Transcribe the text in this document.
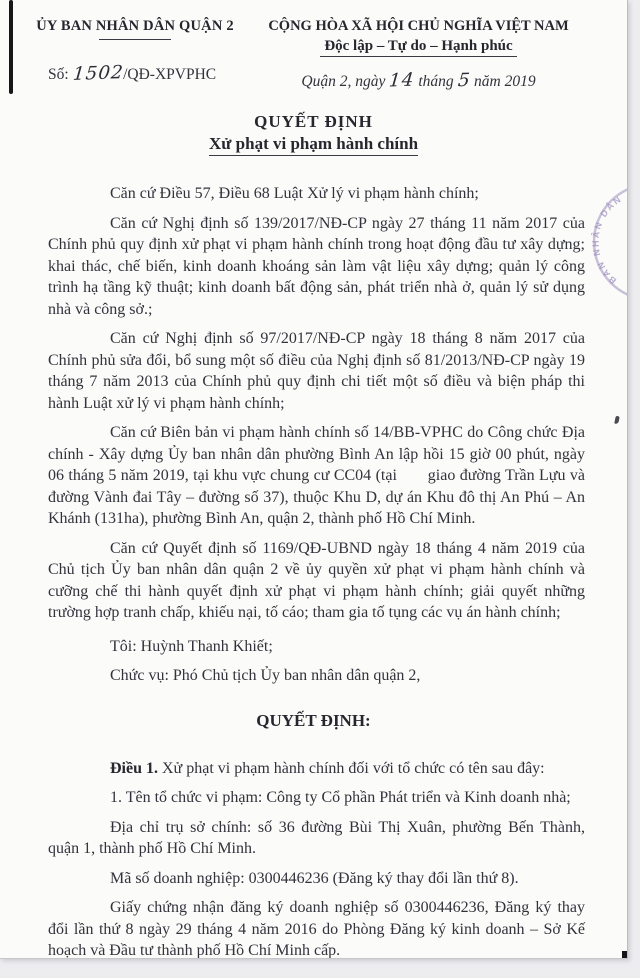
BAN NHÂN DÂN
ỦY BAN NHÂN DÂN QUẬN 2
Số: 1502/QĐ-XPVPHC
CỘNG HÒA XÃ HỘI CHỦ NGHĨA VIỆT NAM
Độc lập – Tự do – Hạnh phúc
Quận 2, ngày 14 tháng 5 năm 2019
QUYẾT ĐỊNH
Xử phạt vi phạm hành chính

Căn cứ Điều 57, Điều 68 Luật Xử lý vi phạm hành chính;

Căn cứ Nghị định số 139/2017/NĐ-CP ngày 27 tháng 11 năm 2017 của Chính phủ quy định xử phạt vi phạm hành chính trong hoạt động đầu tư xây dựng; khai thác, chế biến, kinh doanh khoáng sản làm vật liệu xây dựng; quản lý công trình hạ tầng kỹ thuật; kinh doanh bất động sản, phát triển nhà ở, quản lý sử dụng nhà và công sở.;

Căn cứ Nghị định số 97/2017/NĐ-CP ngày 18 tháng 8 năm 2017 của Chính phủ sửa đổi, bổ sung một số điều của Nghị định số 81/2013/NĐ-CP ngày 19 tháng 7 năm 2013 của Chính phủ quy định chi tiết một số điều và biện pháp thi hành Luật xử lý vi phạm hành chính;

Căn cứ Biên bản vi phạm hành chính số 14/BB-VPHC do Công chức Địa chính - Xây dựng Ủy ban nhân dân phường Bình An lập hồi 15 giờ 00 phút, ngày 06 tháng 5 năm 2019, tại khu vực chung cư CC04 (tại       giao đường Trần Lựu và đường Vành đai Tây – đường số 37), thuộc Khu D, dự án Khu đô thị An Phú – An Khánh (131ha), phường Bình An, quận 2, thành phố Hồ Chí Minh.

Căn cứ Quyết định số 1169/QĐ-UBND ngày 18 tháng 4 năm 2019 của Chủ tịch Ủy ban nhân dân quận 2 về ủy quyền xử phạt vi phạm hành chính và cưỡng chế thi hành quyết định xử phạt vi phạm hành chính; giải quyết những trường hợp tranh chấp, khiếu nại, tố cáo; tham gia tố tụng các vụ án hành chính;

Tôi: Huỳnh Thanh Khiết;

Chức vụ: Phó Chủ tịch Ủy ban nhân dân quận 2,

QUYẾT ĐỊNH:

Điều 1. Xử phạt vi phạm hành chính đối với tổ chức có tên sau đây:

1. Tên tổ chức vi phạm: Công ty Cổ phần Phát triển và Kinh doanh nhà;

Địa chỉ trụ sở chính: số 36 đường Bùi Thị Xuân, phường Bến Thành, quận 1, thành phố Hồ Chí Minh.

Mã số doanh nghiệp: 0300446236 (Đăng ký thay đổi lần thứ 8).

Giấy chứng nhận đăng ký doanh nghiệp số 0300446236, Đăng ký thay đổi lần thứ 8 ngày 29 tháng 4 năm 2016 do Phòng Đăng ký kinh doanh – Sở Kế hoạch và Đầu tư thành phố Hồ Chí Minh cấp.
